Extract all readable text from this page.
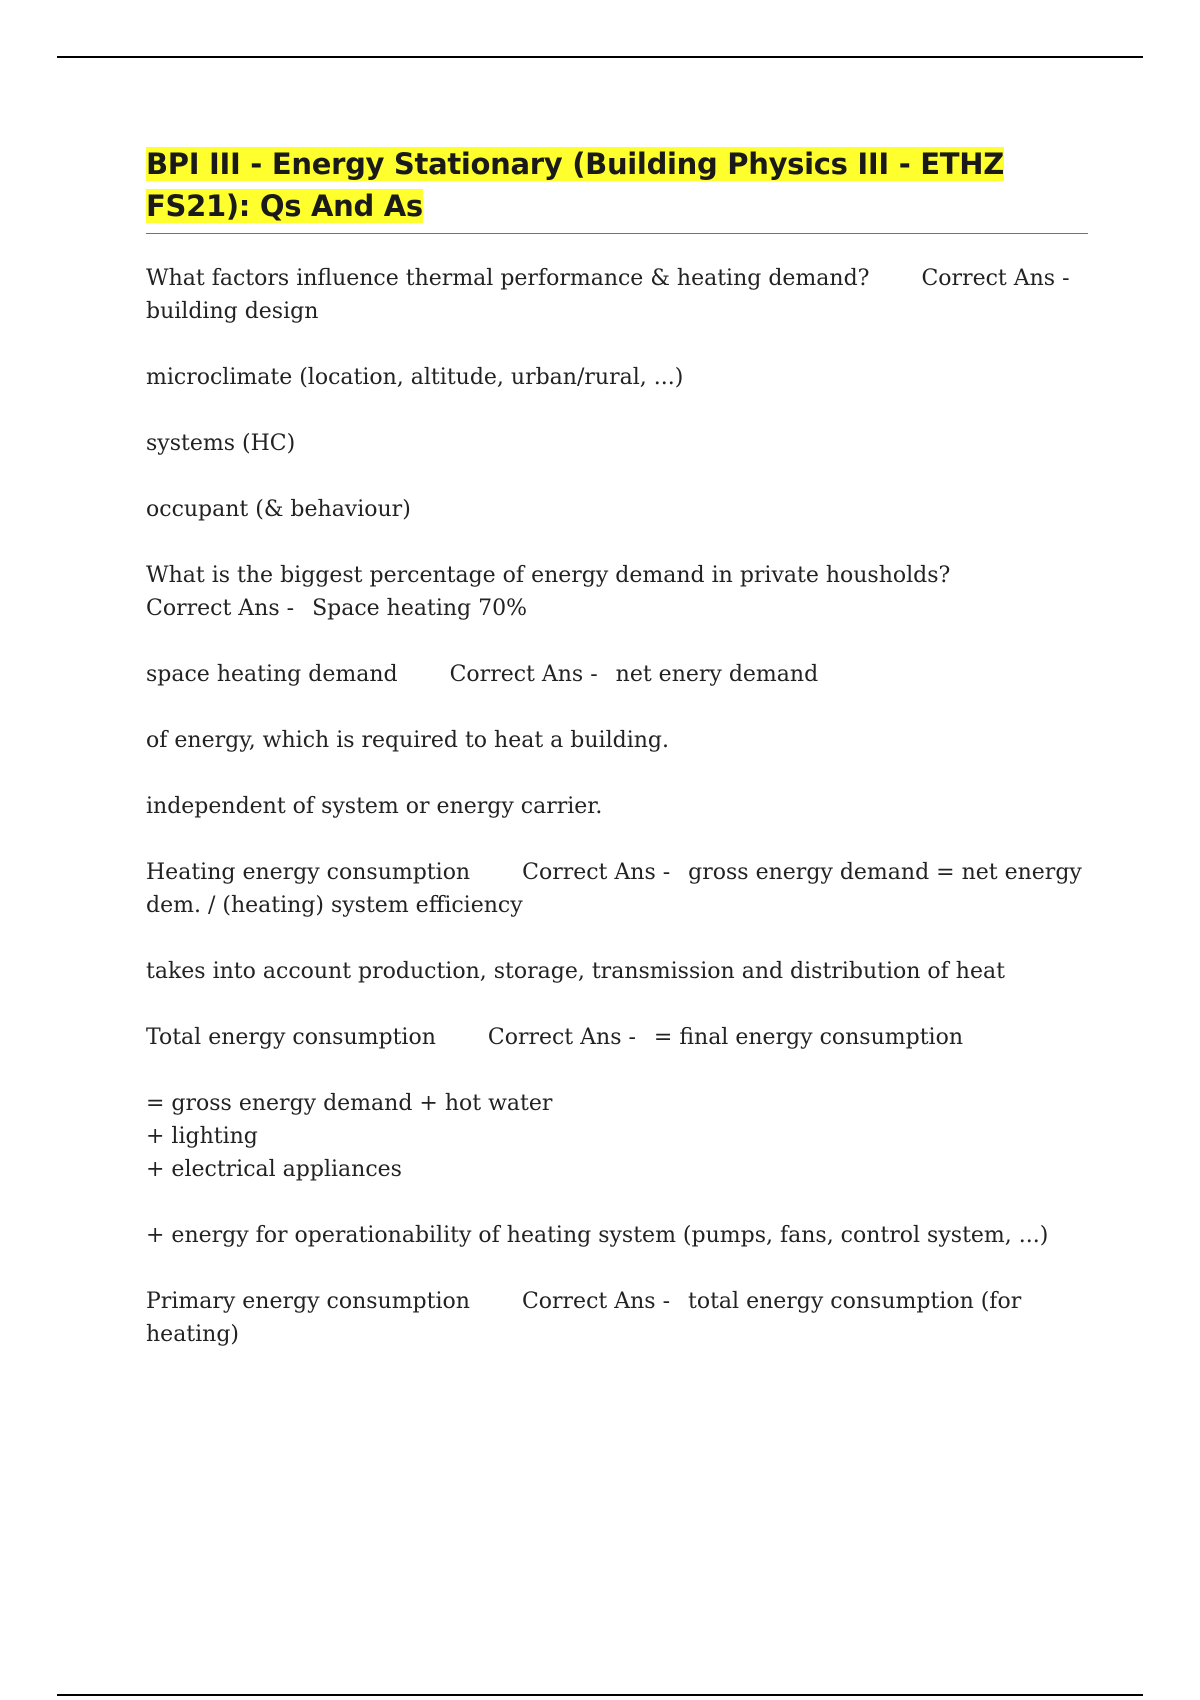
BPI III - Energy Stationary (Building Physics III - ETHZ FS21): Qs And As

What factors influence thermal performance & heating demand? Correct Ans -building design

microclimate (location, altitude, urban/rural, ...)

systems (HC)

occupant (& behaviour)

What is the biggest percentage of energy demand in private housholds?
Correct Ans - Space heating 70%

space heating demand Correct Ans - net enery demand

of energy, which is required to heat a building.

independent of system or energy carrier.

Heating energy consumption Correct Ans - gross energy demand = net energy dem. / (heating) system efficiency

takes into account production, storage, transmission and distribution of heat

Total energy consumption Correct Ans - = final energy consumption

= gross energy demand + hot water
+ lighting
+ electrical appliances

+ energy for operationability of heating system (pumps, fans, control system, ...)

Primary energy consumption Correct Ans - total energy consumption (for heating)
